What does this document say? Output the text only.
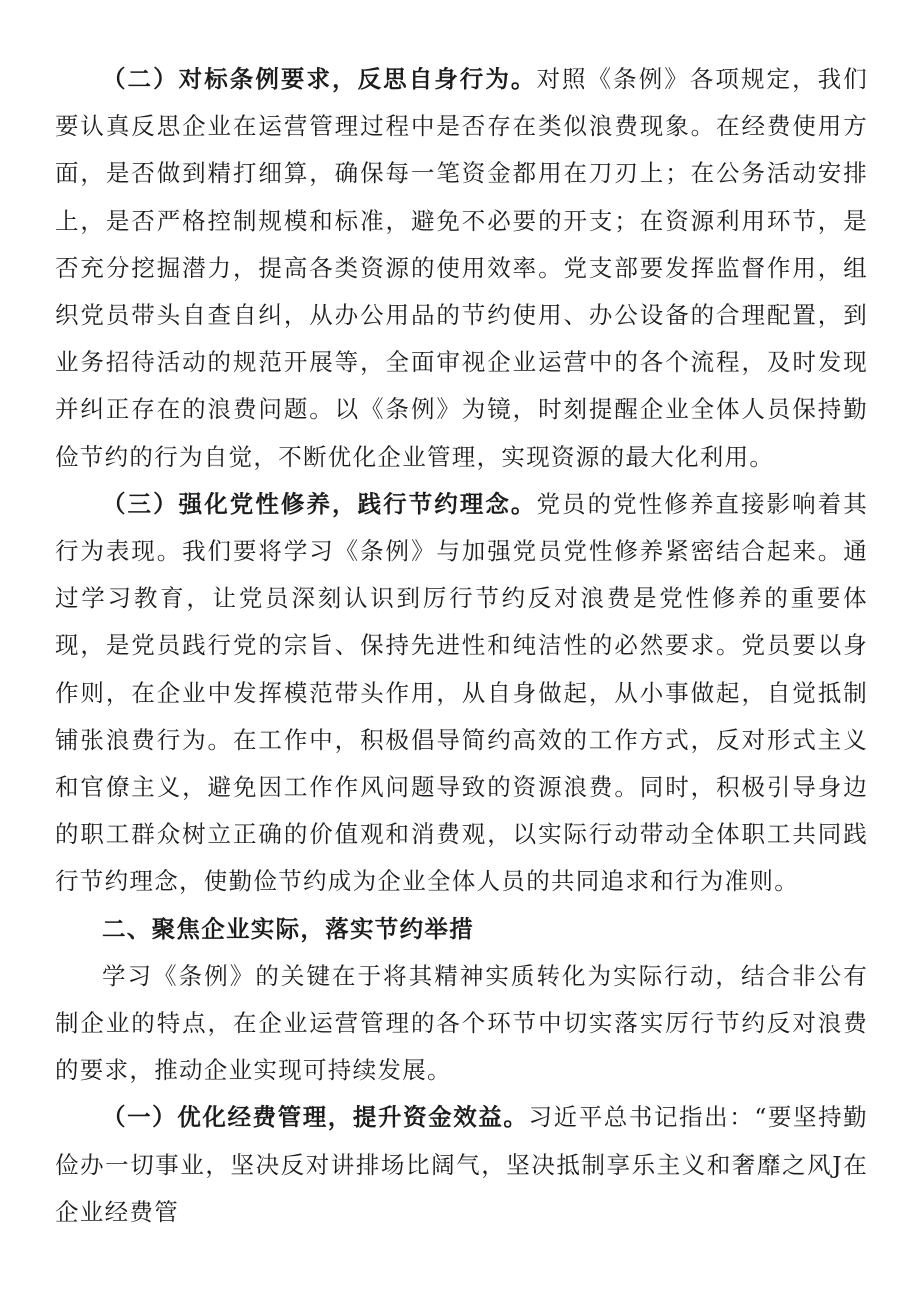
（二）对标条例要求，反思自身行为。对照《条例》各项规定，我们要认真反思企业在运营管理过程中是否存在类似浪费现象。在经费使用方面，是否做到精打细算，确保每一笔资金都用在刀刃上；在公务活动安排上，是否严格控制规模和标准，避免不必要的开支；在资源利用环节，是否充分挖掘潜力，提高各类资源的使用效率。党支部要发挥监督作用，组织党员带头自查自纠，从办公用品的节约使用、办公设备的合理配置，到业务招待活动的规范开展等，全面审视企业运营中的各个流程，及时发现并纠正存在的浪费问题。以《条例》为镜，时刻提醒企业全体人员保持勤俭节约的行为自觉，不断优化企业管理，实现资源的最大化利用。

（三）强化党性修养，践行节约理念。党员的党性修养直接影响着其行为表现。我们要将学习《条例》与加强党员党性修养紧密结合起来。通过学习教育，让党员深刻认识到厉行节约反对浪费是党性修养的重要体现，是党员践行党的宗旨、保持先进性和纯洁性的必然要求。党员要以身作则，在企业中发挥模范带头作用，从自身做起，从小事做起，自觉抵制铺张浪费行为。在工作中，积极倡导简约高效的工作方式，反对形式主义和官僚主义，避免因工作作风问题导致的资源浪费。同时，积极引导身边的职工群众树立正确的价值观和消费观，以实际行动带动全体职工共同践行节约理念，使勤俭节约成为企业全体人员的共同追求和行为准则。

二、聚焦企业实际，落实节约举措

学习《条例》的关键在于将其精神实质转化为实际行动，结合非公有制企业的特点，在企业运营管理的各个环节中切实落实厉行节约反对浪费的要求，推动企业实现可持续发展。

（一）优化经费管理，提升资金效益。习近平总书记指出：“要坚持勤俭办一切事业，坚决反对讲排场比阔气，坚决抵制享乐主义和奢靡之风J在企业经费管
